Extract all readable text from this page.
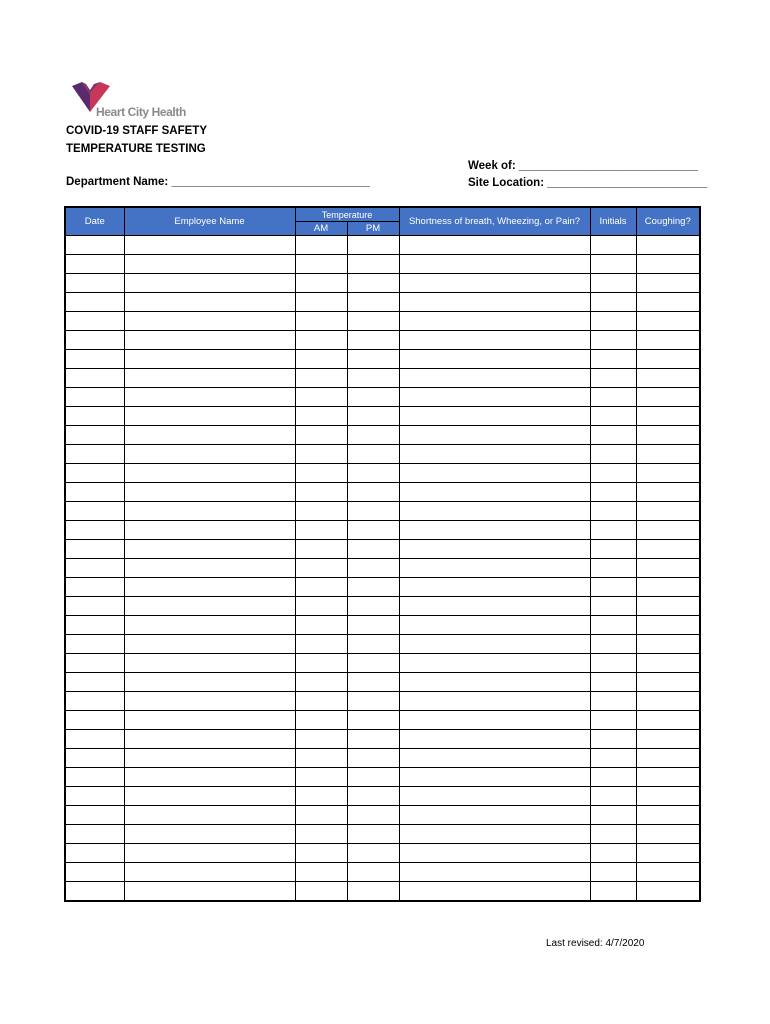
Heart City Health
COVID-19 STAFF SAFETY
TEMPERATURE TESTING
Week of: ____________________________
Site Location: _________________________
Department Name: _______________________________
Date	Employee Name	Temperature		Shortness of breath, Wheezing, or Pain?	Initials	Coughing?
		AM	PM			

Last revised: 4/7/2020
